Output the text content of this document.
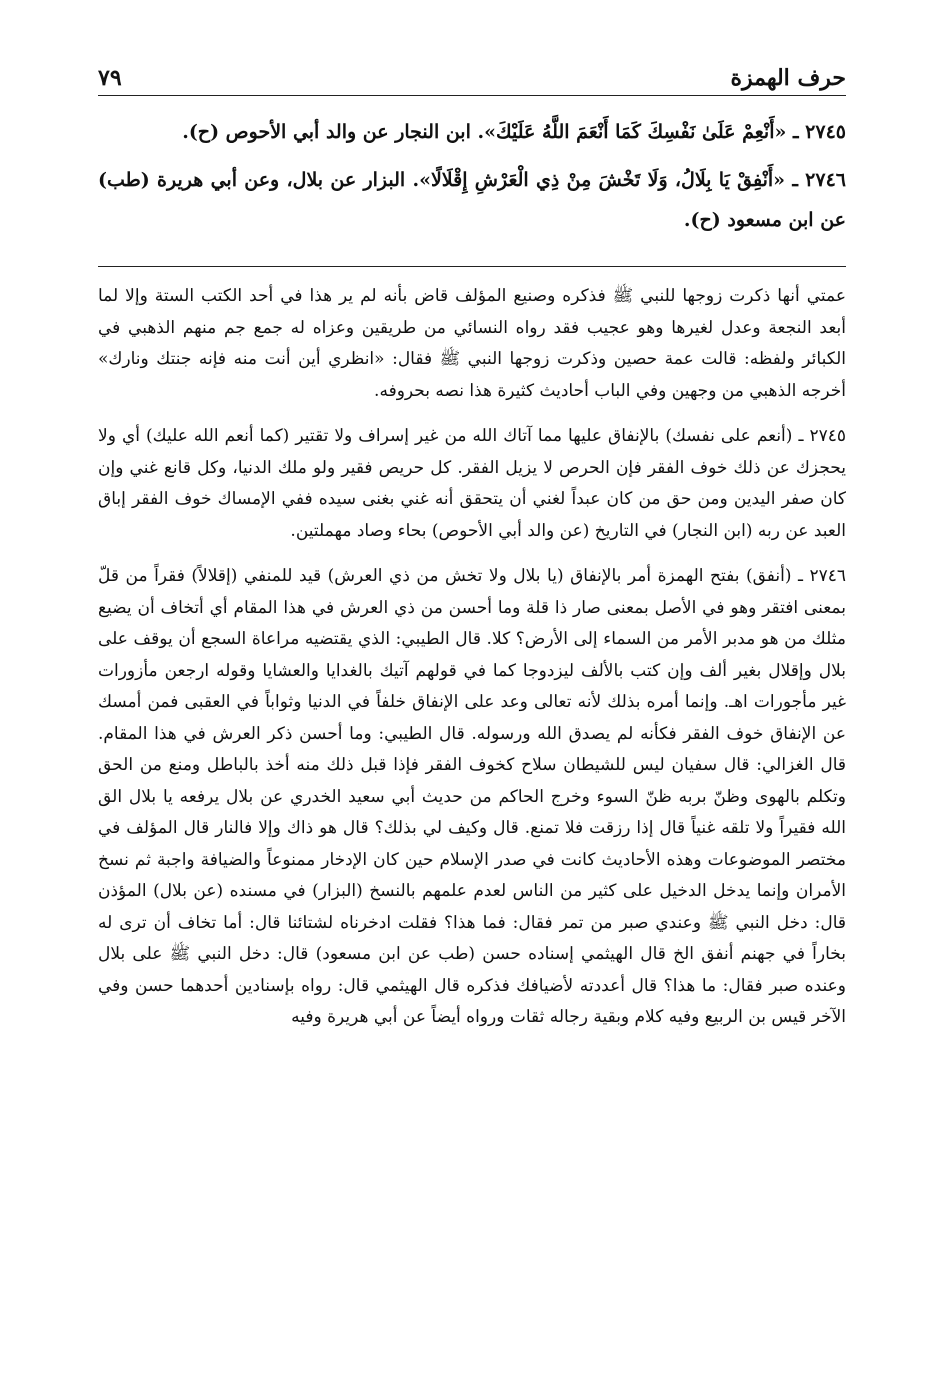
حرف الهمزة
٧٩

٢٧٤٥ ـ «أَنْعِمْ عَلَىٰ نَفْسِكَ كَمَا أَنْعَمَ اللَّهُ عَلَيْكَ». ابن النجار عن والد أبي الأحوص (ح).

٢٧٤٦ ـ «أَنْفِقْ يَا بِلَالُ، وَلَا تَخْشَ مِنْ ذِي الْعَرْشِ إِقْلَالًا». البزار عن بلال، وعن أبي هريرة (طب) عن ابن مسعود (ح).

عمتي أنها ذكرت زوجها للنبي ﷺ فذكره وصنيع المؤلف قاض بأنه لم ير هذا في أحد الكتب الستة وإلا لما أبعد النجعة وعدل لغيرها وهو عجيب فقد رواه النسائي من طريقين وعزاه له جمع جم منهم الذهبي في الكبائر ولفظه: قالت عمة حصين وذكرت زوجها النبي ﷺ فقال: «انظري أين أنت منه فإنه جنتك ونارك» أخرجه الذهبي من وجهين وفي الباب أحاديث كثيرة هذا نصه بحروفه.

٢٧٤٥ ـ (أنعم على نفسك) بالإنفاق عليها مما آتاك الله من غير إسراف ولا تقتير (كما أنعم الله عليك) أي ولا يحجزك عن ذلك خوف الفقر فإن الحرص لا يزيل الفقر. كل حريص فقير ولو ملك الدنيا، وكل قانع غني وإن كان صفر اليدين ومن حق من كان عبداً لغني أن يتحقق أنه غني بغنى سيده ففي الإمساك خوف الفقر إباق العبد عن ربه (ابن النجار) في التاريخ (عن والد أبي الأحوص) بحاء وصاد مهملتين.

٢٧٤٦ ـ (أنفق) بفتح الهمزة أمر بالإنفاق (يا بلال ولا تخش من ذي العرش) قيد للمنفي (إقلالاً) فقراً من قلّ بمعنى افتقر وهو في الأصل بمعنى صار ذا قلة وما أحسن من ذي العرش في هذا المقام أي أتخاف أن يضيع مثلك من هو مدبر الأمر من السماء إلى الأرض؟ كلا. قال الطيبي: الذي يقتضيه مراعاة السجع أن يوقف على بلال وإقلال بغير ألف وإن كتب بالألف ليزدوجا كما في قولهم آتيك بالغدايا والعشايا وقوله ارجعن مأزورات غير مأجورات اهـ. وإنما أمره بذلك لأنه تعالى وعد على الإنفاق خلفاً في الدنيا وثواباً في العقبى فمن أمسك عن الإنفاق خوف الفقر فكأنه لم يصدق الله ورسوله. قال الطيبي: وما أحسن ذكر العرش في هذا المقام. قال الغزالي: قال سفيان ليس للشيطان سلاح كخوف الفقر فإذا قبل ذلك منه أخذ بالباطل ومنع من الحق وتكلم بالهوى وظنّ بربه ظنّ السوء وخرج الحاكم من حديث أبي سعيد الخدري عن بلال يرفعه يا بلال الق الله فقيراً ولا تلقه غنياً قال إذا رزقت فلا تمنع. قال وكيف لي بذلك؟ قال هو ذاك وإلا فالنار قال المؤلف في مختصر الموضوعات وهذه الأحاديث كانت في صدر الإسلام حين كان الإدخار ممنوعاً والضيافة واجبة ثم نسخ الأمران وإنما يدخل الدخيل على كثير من الناس لعدم علمهم بالنسخ (البزار) في مسنده (عن بلال) المؤذن قال: دخل النبي ﷺ وعندي صبر من تمر فقال: فما هذا؟ فقلت ادخرناه لشتائنا قال: أما تخاف أن ترى له بخاراً في جهنم أنفق الخ قال الهيثمي إسناده حسن (طب عن ابن مسعود) قال: دخل النبي ﷺ على بلال وعنده صبر فقال: ما هذا؟ قال أعددته لأضيافك فذكره قال الهيثمي قال: رواه بإسنادين أحدهما حسن وفي الآخر قيس بن الربيع وفيه كلام وبقية رجاله ثقات ورواه أيضاً عن أبي هريرة وفيه
